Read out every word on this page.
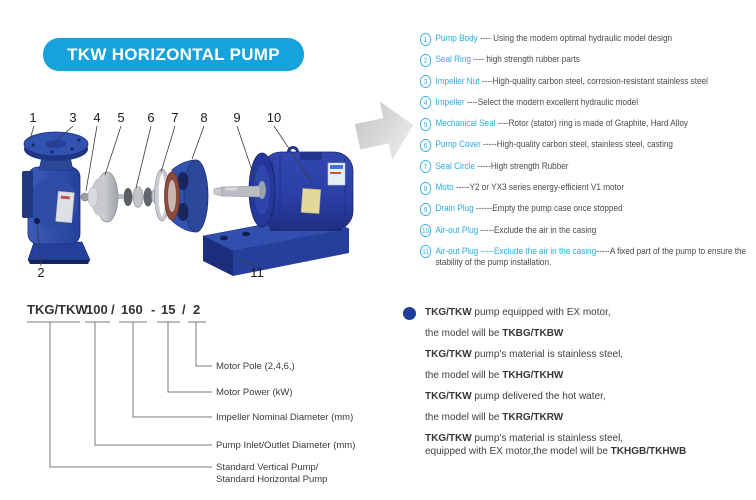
TKW HORIZONTAL PUMP
1
2
3 4 5 6 7 8 9 10
11
1 Pump Body ---- Using the modern optimal hydraulic model design
2 Seal Ring ---- high strength rubber parts
3 Impeller Nut ----High-quality carbon steel, corrosion-resistant stainless steel
4 Impeller ----Select the modern excellent hydraulic model
5 Mechanical Seal ----Rotor (stator) ring is made of Graphite, Hard Alloy
6 Pump Cover -----High-quality carbon steel, stainless steel, casting
7 Seal Circle -----High strength Rubber
8 Moto -----Y2 or YX3 series energy-efficient V1 motor
9 Drain Plug ------Empty the pump case once stopped
10 Air-out Plug -----Exclude the air in the casing
11 Air-out Plug -----Exclude the air in the casing-----A fixed part of the pump to ensure the stability of the pump installation.
TKG/TKW
100 / 160 - 15 / 2
Motor Pole (2,4,6,)
Motor Power (kW)
Impeller Nominal Diameter (mm)
Pump Inlet/Outlet Diameter (mm)
Standard Vertical Pump/
Standard Horizontal Pump
TKG/TKW pump equipped with EX motor,
the model will be TKBG/TKBW
TKG/TKW pump's material is stainless steel,
the model will be TKHG/TKHW
TKG/TKW pump delivered the hot water,
the model will be TKRG/TKRW
TKG/TKW pump's material is stainless steel,
equipped with EX motor,the model will be TKHGB/TKHWB
